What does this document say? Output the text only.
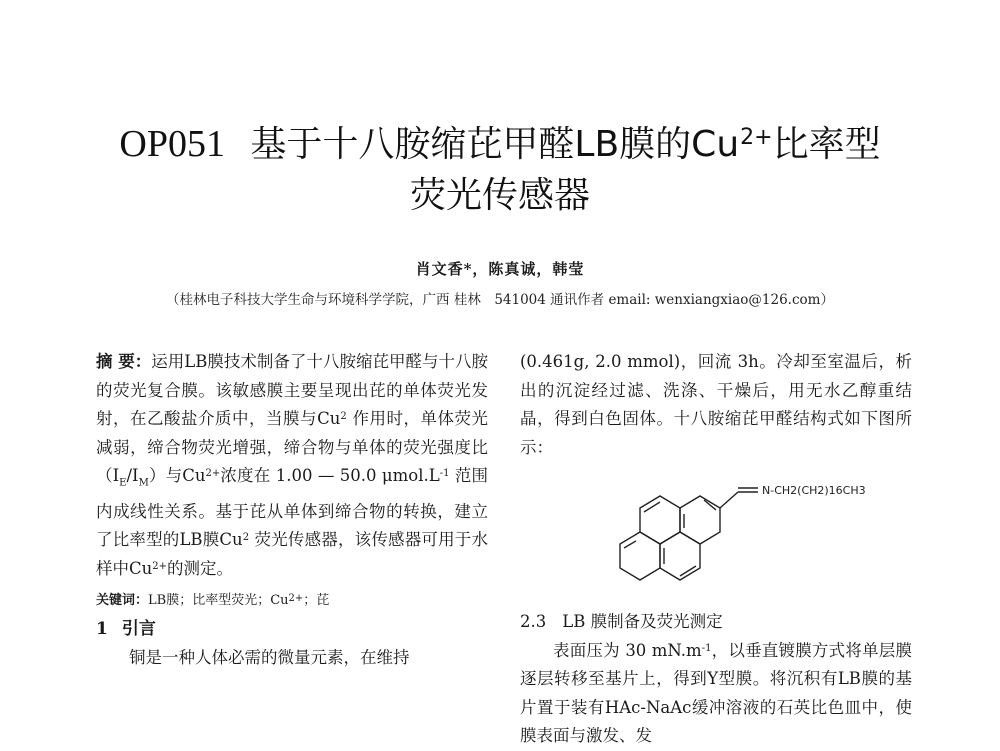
OP051 基于十八胺缩芘甲醛LB膜的$Cu^{2+}$比率型
荧光传感器
肖文香*，陈真诚，韩莹
（桂林电子科技大学生命与环境科学学院，广西 桂林　541004 通讯作者 email: wenxiangxiao@126.com）
摘 要：运用LB膜技术制备了十八胺缩芘甲醛与十八胺的荧光复合膜。该敏感膜主要呈现出芘的单体荧光发射，在乙酸盐介质中，当膜与Cu$^2$ 作用时，单体荧光减弱，缔合物荧光增强，缔合物与单体的荧光强度比$(I_E/I_M)$与$Cu^{2+}$浓度在 1.00 — 50.0 $\mu mol.L^{-1}$ 范围内成线性关系。基于芘从单体到缔合物的转换，建立了比率型的LB膜Cu$^2$ 荧光传感器，该传感器可用于水样中$Cu^{2+}$的测定。
关键词：LB膜；比率型荧光；$Cu^{2+}$；芘
1 引言
铜是一种人体必需的微量元素，在维持
(0.461g, 2.0 mmol)，回流 3h。冷却至室温后，析出的沉淀经过滤、洗涤、干燥后，用无水乙醇重结晶，得到白色固体。十八胺缩芘甲醛结构式如下图所示：
N-CH2(CH2)16CH3
2.3 LB 膜制备及荧光测定
表面压为 30 $mN.m^{-1}$，以垂直镀膜方式将单层膜逐层转移至基片上，得到Y型膜。将沉积有LB膜的基片置于装有HAc-NaAc缓冲溶液的石英比色皿中，使膜表面与激发、发
